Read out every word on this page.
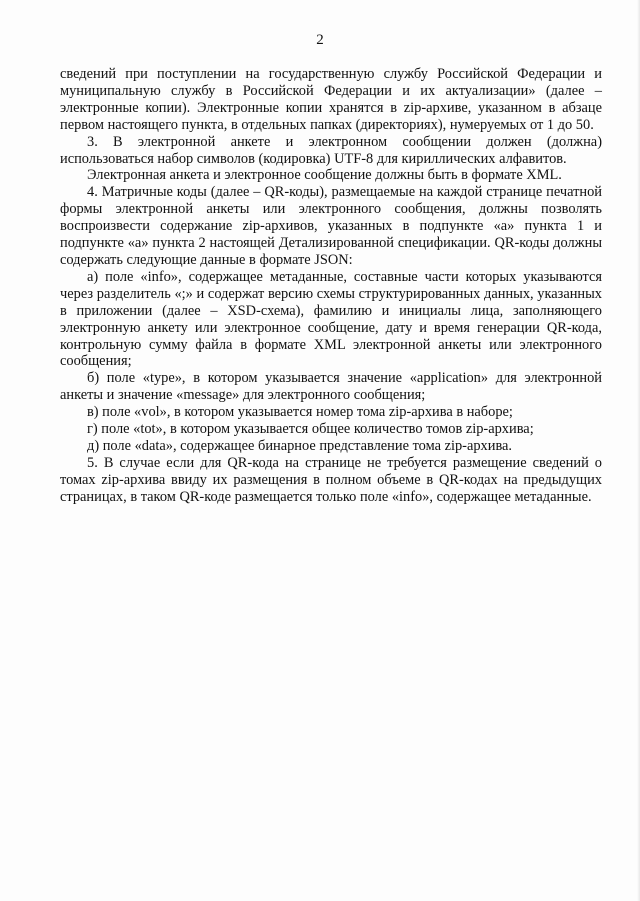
2

сведений при поступлении на государственную службу Российской Федерации и муниципальную службу в Российской Федерации и их актуализации» (далее – электронные копии). Электронные копии хранятся в zip-архиве, указанном в абзаце первом настоящего пункта, в отдельных папках (директориях), нумеруемых от 1 до 50.

3. В электронной анкете и электронном сообщении должен (должна) использоваться набор символов (кодировка) UTF-8 для кириллических алфавитов.

Электронная анкета и электронное сообщение должны быть в формате XML.

4. Матричные коды (далее – QR-коды), размещаемые на каждой странице печатной формы электронной анкеты или электронного сообщения, должны позволять воспроизвести содержание zip-архивов, указанных в подпункте «а» пункта 1 и подпункте «а» пункта 2 настоящей Детализированной спецификации. QR-коды должны содержать следующие данные в формате JSON:

а) поле «info», содержащее метаданные, составные части которых указываются через разделитель «;» и содержат версию схемы структурированных данных, указанных в приложении (далее – XSD-схема), фамилию и инициалы лица, заполняющего электронную анкету или электронное сообщение, дату и время генерации QR-кода, контрольную сумму файла в формате XML электронной анкеты или электронного сообщения;

б) поле «type», в котором указывается значение «application» для электронной анкеты и значение «message» для электронного сообщения;

в) поле «vol», в котором указывается номер тома zip-архива в наборе;

г) поле «tot», в котором указывается общее количество томов zip-архива;

д) поле «data», содержащее бинарное представление тома zip-архива.

5. В случае если для QR-кода на странице не требуется размещение сведений о томах zip-архива ввиду их размещения в полном объеме в QR-кодах на предыдущих страницах, в таком QR-коде размещается только поле «info», содержащее метаданные.
